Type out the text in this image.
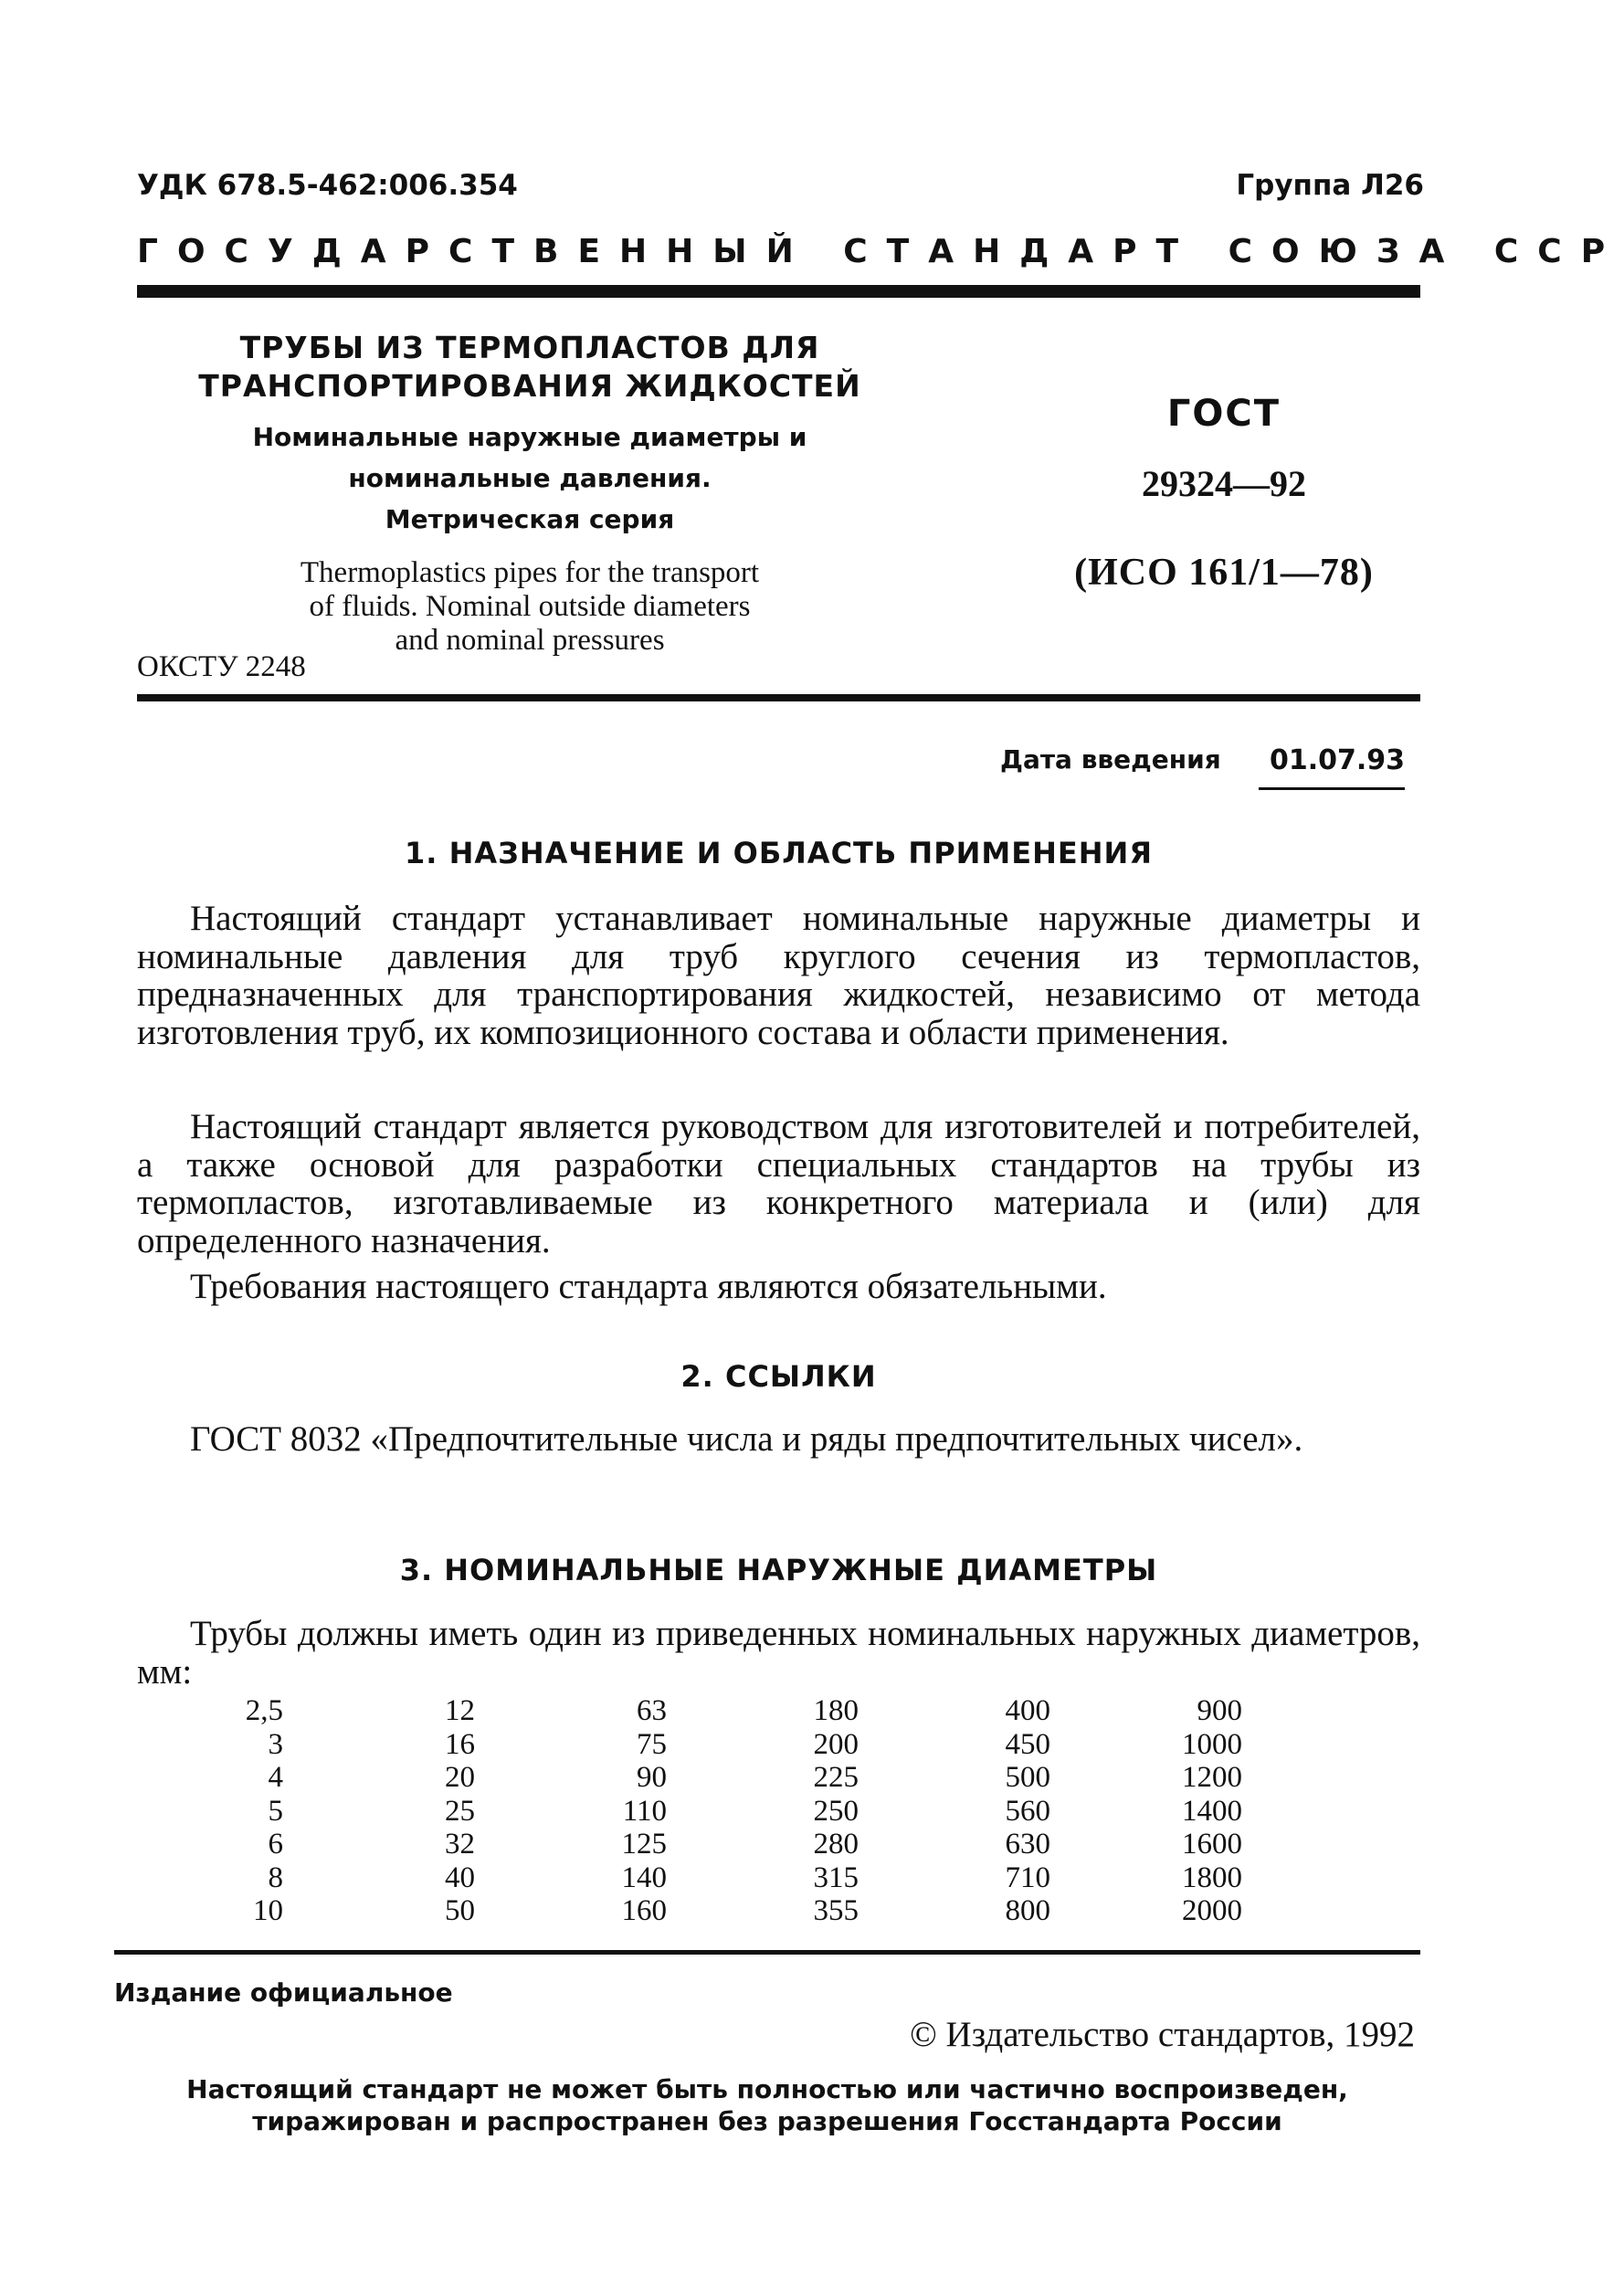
УДК 678.5-462:006.354	Группа Л26

ГОСУДАРСТВЕННЫЙ СТАНДАРТ СОЮЗА ССР

ТРУБЫ ИЗ ТЕРМОПЛАСТОВ ДЛЯ
ТРАНСПОРТИРОВАНИЯ ЖИДКОСТЕЙ
Номинальные наружные диаметры и
номинальные давления.
Метрическая серия
Thermoplastics pipes for the transport
of fluids. Nominal outside diameters
and nominal pressures
ГОСТ
29324—92
(ИСО 161/1—78)

ОКСТУ 2248

Дата введения 01.07.93

1. НАЗНАЧЕНИЕ И ОБЛАСТЬ ПРИМЕНЕНИЯ

Настоящий стандарт устанавливает номинальные наружные диаметры и номинальные давления для труб круглого сечения из термопластов, предназначенных для транспортирования жидкостей, независимо от метода изготовления труб, их композиционного состава и области применения.

Настоящий стандарт является руководством для изготовителей и потребителей, а также основой для разработки специальных стандартов на трубы из термопластов, изготавливаемые из конкретного материала и (или) для определенного назначения.

Требования настоящего стандарта являются обязательными.

2. ССЫЛКИ

ГОСТ 8032 «Предпочтительные числа и ряды предпочтительных чисел».

3. НОМИНАЛЬНЫЕ НАРУЖНЫЕ ДИАМЕТРЫ

Трубы должны иметь один из приведенных номинальных наружных диаметров, мм:

2,5	12	63	180	400	900
3	16	75	200	450	1000
4	20	90	225	500	1200
5	25	110	250	560	1400
6	32	125	280	630	1600
8	40	140	315	710	1800
10	50	160	355	800	2000

Издание официальное

© Издательство стандартов, 1992

Настоящий стандарт не может быть полностью или частично воспроизведен,
тиражирован и распространен без разрешения Госстандарта России
